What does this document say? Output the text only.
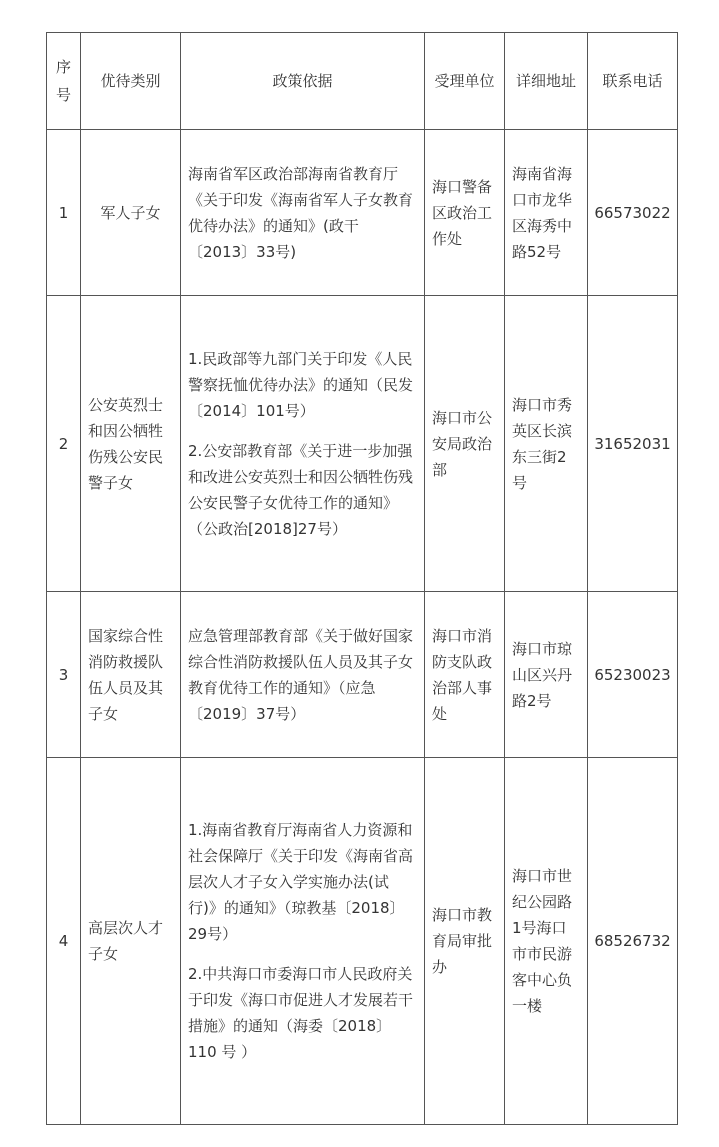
序
号	优待类别	政策依据	受理单位	详细地址	联系电话
1	军人子女	海南省军区政治部海南省教育厅《关于印发《海南省军人子女教育优待办法》的通知》(政干〔2013〕33号)	海口警备区政治工作处	海南省海口市龙华区海秀中路52号	66573022
2	公安英烈士和因公牺牲伤残公安民警子女	1.民政部等九部门关于印发《人民警察抚恤优待办法》的通知（民发〔2014〕101号）
2.公安部教育部《关于进一步加强和改进公安英烈士和因公牺牲伤残公安民警子女优待工作的通知》（公政治[2018]27号）	海口市公安局政治部	海口市秀英区长滨东三街2号	31652031
3	国家综合性消防救援队伍人员及其子女	应急管理部教育部《关于做好国家综合性消防救援队伍人员及其子女教育优待工作的通知》（应急〔2019〕37号）	海口市消防支队政治部人事处	海口市琼山区兴丹路2号	65230023
4	高层次人才子女	1.海南省教育厅海南省人力资源和社会保障厅《关于印发《海南省高层次人才子女入学实施办法(试行)》的通知》（琼教基〔2018〕29号）
2.中共海口市委海口市人民政府关于印发《海口市促进人才发展若干措施》的通知（海委〔2018〕110 号 ）	海口市教育局审批办	海口市世纪公园路1号海口市市民游客中心负一楼	68526732
